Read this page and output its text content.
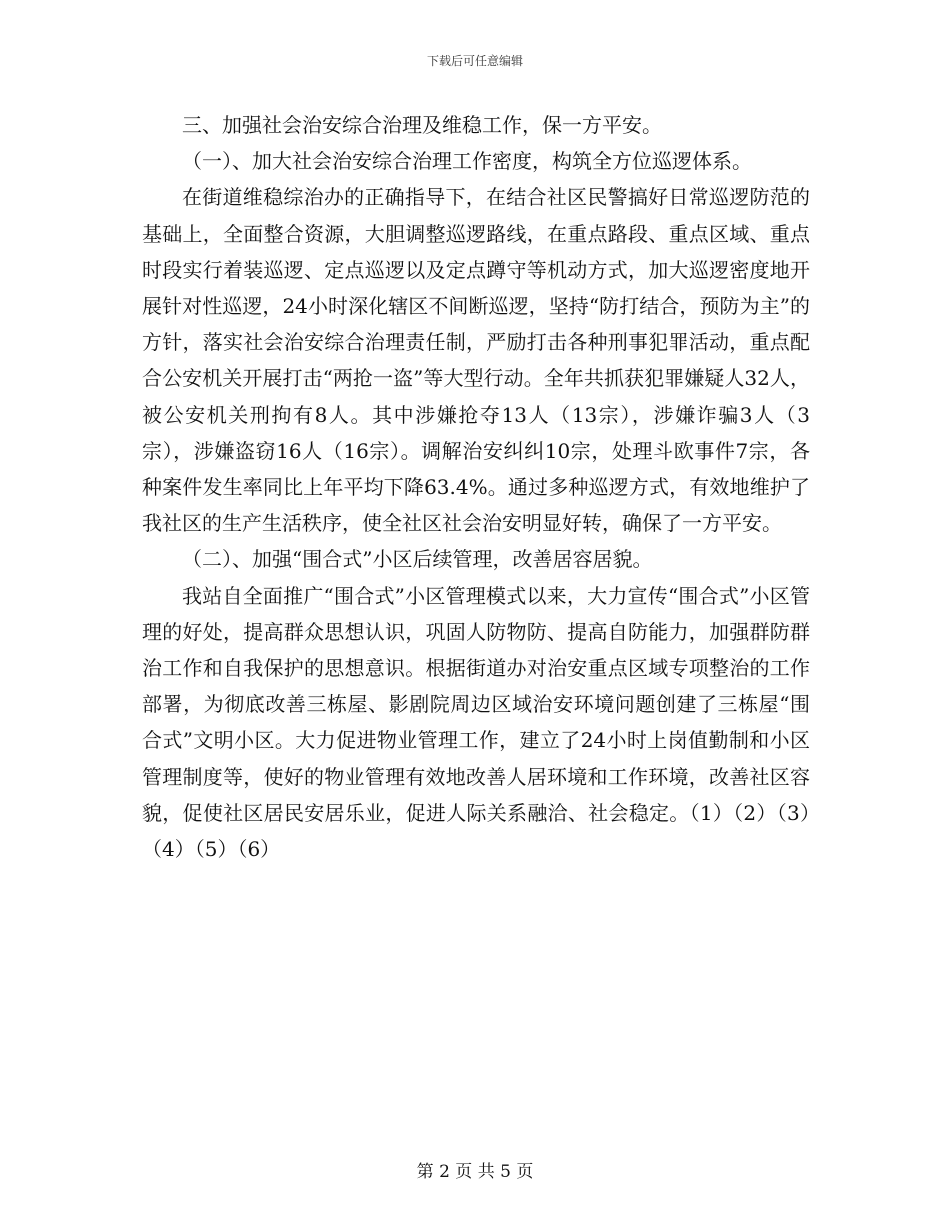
下载后可任意编辑

三、加强社会治安综合治理及维稳工作，保一方平安。

（一）、加大社会治安综合治理工作密度，构筑全方位巡逻体系。

在街道维稳综治办的正确指导下，在结合社区民警搞好日常巡逻防范的基础上，全面整合资源，大胆调整巡逻路线，在重点路段、重点区域、重点时段实行着装巡逻、定点巡逻以及定点蹲守等机动方式，加大巡逻密度地开展针对性巡逻，24小时深化辖区不间断巡逻，坚持“防打结合，预防为主”的方针，落实社会治安综合治理责任制，严励打击各种刑事犯罪活动，重点配合公安机关开展打击“两抢一盗”等大型行动。全年共抓获犯罪嫌疑人32人，被公安机关刑拘有8人。其中涉嫌抢夺13人（13宗），涉嫌诈骗3人（3宗），涉嫌盗窃16人（16宗）。调解治安纠纠10宗，处理斗欧事件7宗，各种案件发生率同比上年平均下降63.4%。通过多种巡逻方式，有效地维护了我社区的生产生活秩序，使全社区社会治安明显好转，确保了一方平安。

（二）、加强“围合式”小区后续管理，改善居容居貌。

我站自全面推广“围合式”小区管理模式以来，大力宣传“围合式”小区管理的好处，提高群众思想认识，巩固人防物防、提高自防能力，加强群防群治工作和自我保护的思想意识。根据街道办对治安重点区域专项整治的工作部署，为彻底改善三栋屋、影剧院周边区域治安环境问题创建了三栋屋“围合式”文明小区。大力促进物业管理工作，建立了24小时上岗值勤制和小区管理制度等，使好的物业管理有效地改善人居环境和工作环境，改善社区容貌，促使社区居民安居乐业，促进人际关系融洽、社会稳定。（1）（2）（3）（4）（5）（6）

第 2 页 共 5 页
